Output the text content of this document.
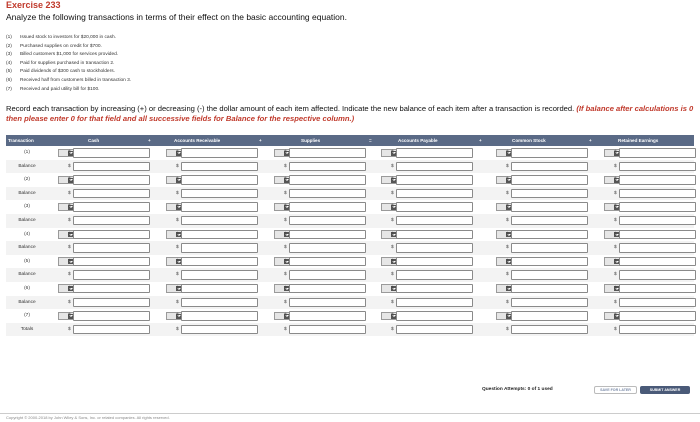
Exercise 233
Analyze the following transactions in terms of their effect on the basic accounting equation.
(1) Issued stock to investors for $20,000 in cash.
(2) Purchased supplies on credit for $700.
(3) Billed customers $1,000 for services provided.
(4) Paid for supplies purchased in transaction 2.
(5) Paid dividends of $300 cash to stockholders.
(6) Received half from customers billed in transaction 3.
(7) Received and paid utility bill for $100.
Record each transaction by increasing (+) or decreasing (-) the dollar amount of each item affected. Indicate the new balance of each item after a transaction is recorded. (If balance after calculations is 0 then please enter 0 for that field and all successive fields for Balance for the respective column.)
Transaction	Cash	+	Accounts Receivable	+	Supplies	=	Accounts Payable	+	Common Stock	+	Retained Earnings
(1)	$	$	$	$	$	$
Balance	$	$	$	$	$	$
(2)	$	$	$	$	$	$
Balance	$	$	$	$	$	$
(3)	$	$	$	$	$	$
Balance	$	$	$	$	$	$
(4)	$	$	$	$	$	$
Balance	$	$	$	$	$	$
(5)	$	$	$	$	$	$
Balance	$	$	$	$	$	$
(6)	$	$	$	$	$	$
Balance	$	$	$	$	$	$
(7)	$	$	$	$	$	$
Totals	$	$	$	$	$	$
Question Attempts: 0 of 1 used	SAVE FOR LATER	SUBMIT ANSWER
Copyright © 2000-2018 by John Wiley & Sons, Inc. or related companies. All rights reserved.
